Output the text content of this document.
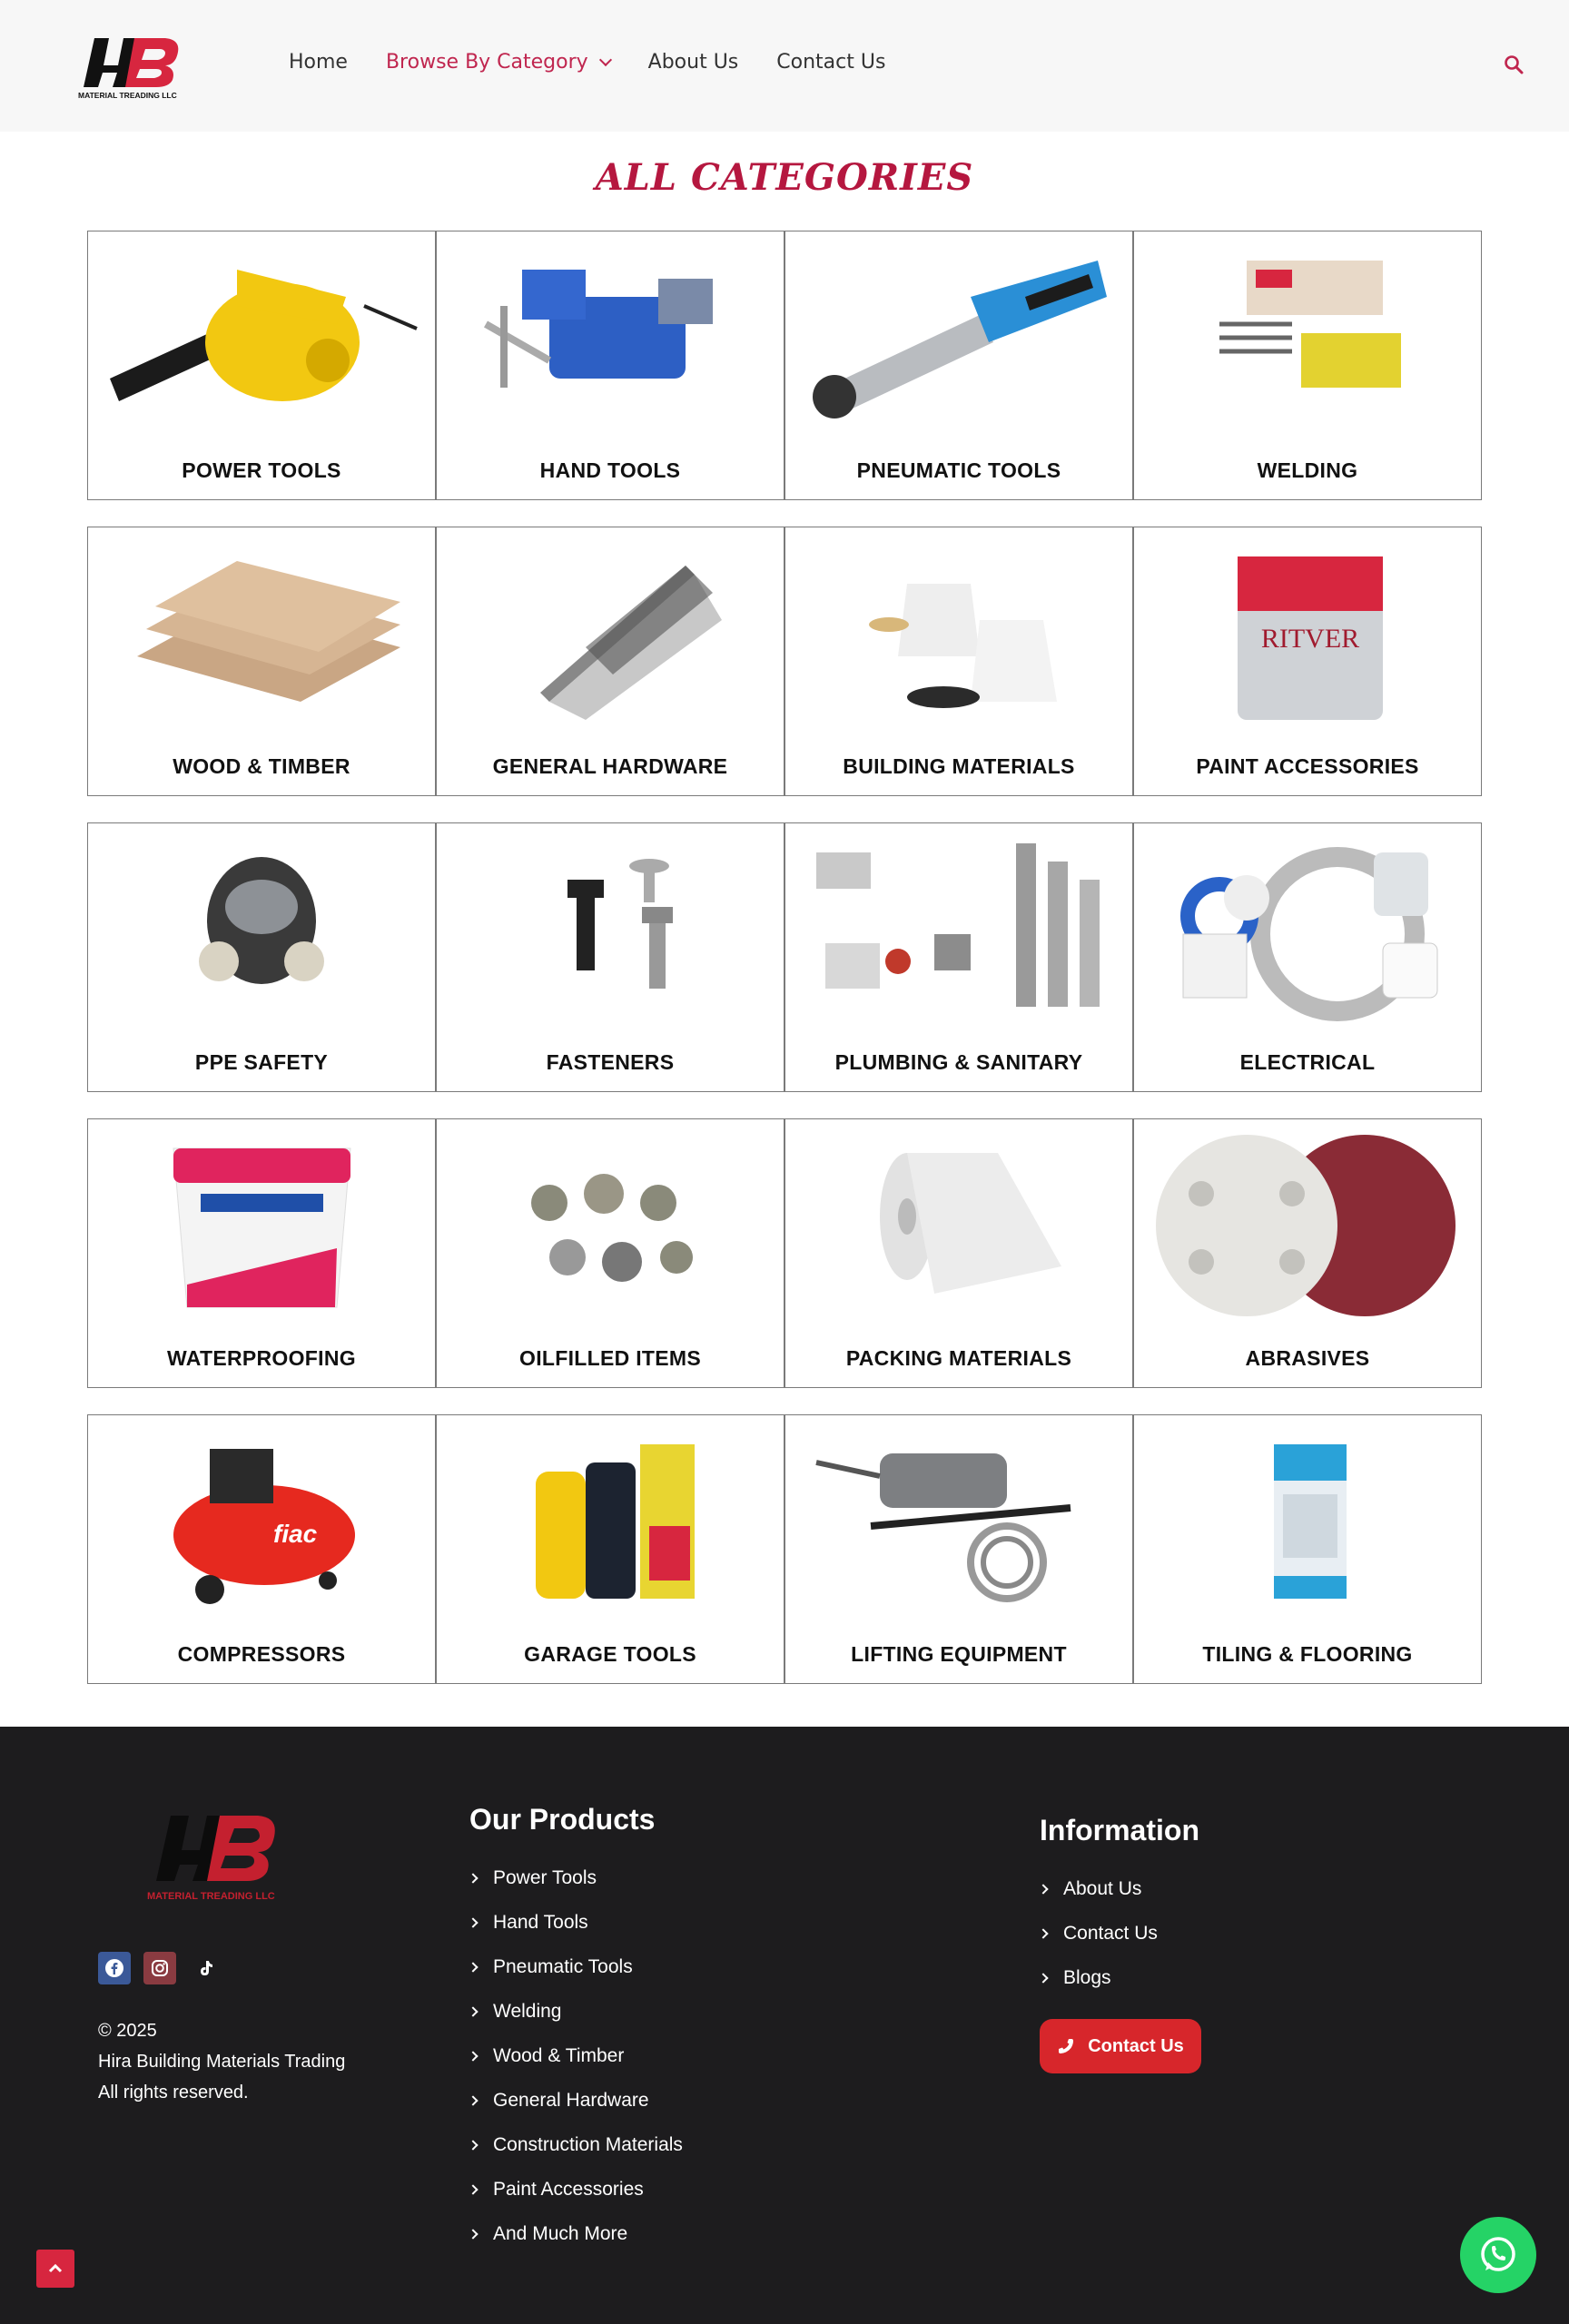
MATERIAL TREADING LLC
Home Browse By Category	About Us Contact Us
ALL CATEGORIES
POWER TOOLS	HAND TOOLS	PNEUMATIC TOOLS	WELDING
WOOD & TIMBER	GENERAL HARDWARE	BUILDING MATERIALS
RITVER
PAINT ACCESSORIES
PPE SAFETY	FASTENERS	PLUMBING & SANITARY	ELECTRICAL
WATERPROOFING	OILFILLED ITEMS	PACKING MATERIALS	ABRASIVES
fiac
COMPRESSORS	GARAGE TOOLS	LIFTING EQUIPMENT	TILING & FLOORING
MATERIAL TREADING LLC
© 2025
Hira Building Materials Trading
All rights reserved.
Our Products
Power Tools
Hand Tools
Pneumatic Tools
Welding
Wood & Timber
General Hardware
Construction Materials
Paint Accessories
And Much More
Information
About Us
Contact Us
Blogs
Contact Us
